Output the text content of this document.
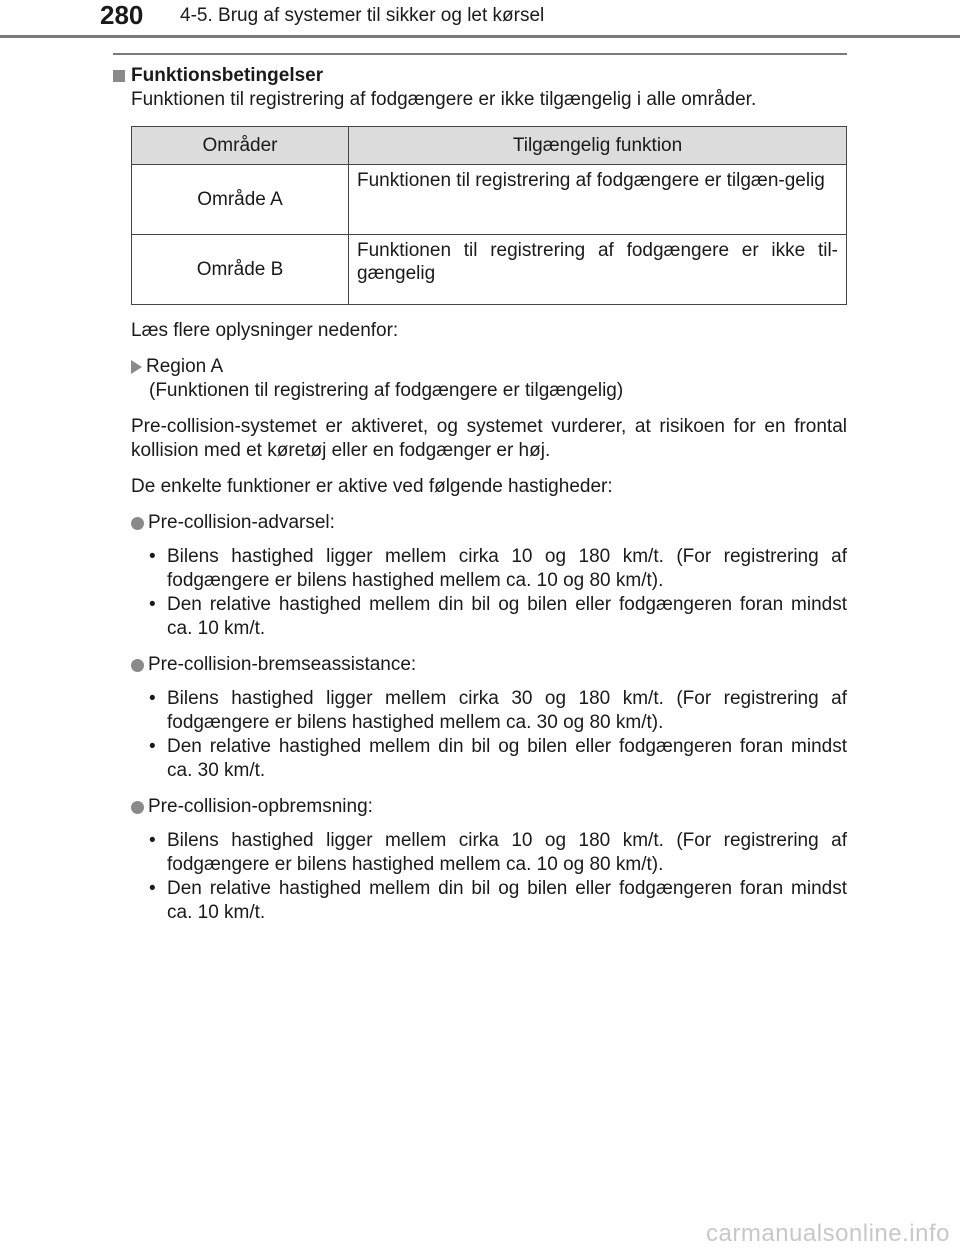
280 4-5. Brug af systemer til sikker og let kørsel
Funktionsbetingelser

Funktionen til registrering af fodgængere er ikke tilgængelig i alle områder.

Områder	Tilgængelig funktion
Område A	Funktionen til registrering af fodgængere er tilgæn-gelig
Område B	Funktionen til registrering af fodgængere er ikke til-gængelig

Læs flere oplysninger nedenfor:

Region A

(Funktionen til registrering af fodgængere er tilgængelig)

Pre-collision-systemet er aktiveret, og systemet vurderer, at risikoen for en frontal kollision med et køretøj eller en fodgænger er høj.

De enkelte funktioner er aktive ved følgende hastigheder:

Pre-collision-advarsel:
• Bilens hastighed ligger mellem cirka 10 og 180 km/t. (For registrering af fodgængere er bilens hastighed mellem ca. 10 og 80 km/t).
• Den relative hastighed mellem din bil og bilen eller fodgængeren foran mindst ca. 10 km/t.
Pre-collision-bremseassistance:
• Bilens hastighed ligger mellem cirka 30 og 180 km/t. (For registrering af fodgængere er bilens hastighed mellem ca. 30 og 80 km/t).
• Den relative hastighed mellem din bil og bilen eller fodgængeren foran mindst ca. 30 km/t.
Pre-collision-opbremsning:
• Bilens hastighed ligger mellem cirka 10 og 180 km/t. (For registrering af fodgængere er bilens hastighed mellem ca. 10 og 80 km/t).
• Den relative hastighed mellem din bil og bilen eller fodgængeren foran mindst ca. 10 km/t.
carmanualsonline.info
